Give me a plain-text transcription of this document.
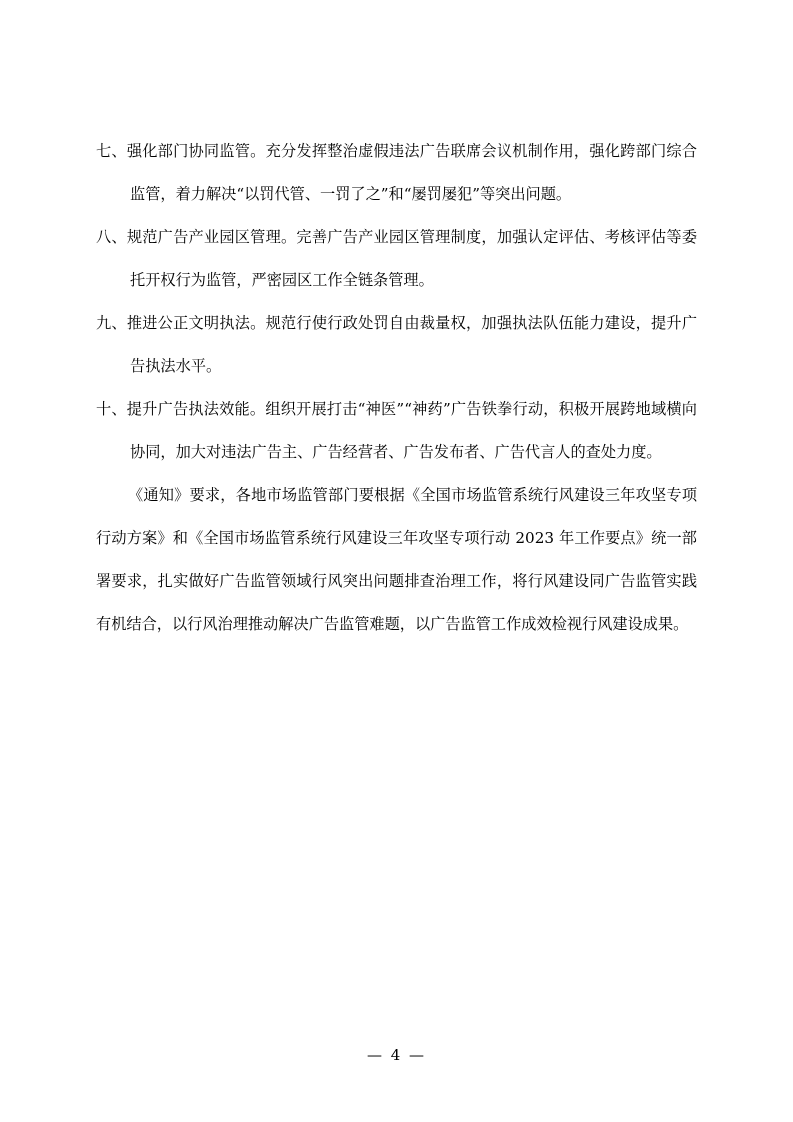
七、强化部门协同监管。充分发挥整治虚假违法广告联席会议机制作用，强化跨部门综合监管，着力解决“以罚代管、一罚了之”和“屡罚屡犯”等突出问题。

八、规范广告产业园区管理。完善广告产业园区管理制度，加强认定评估、考核评估等委托开权行为监管，严密园区工作全链条管理。

九、推进公正文明执法。规范行使行政处罚自由裁量权，加强执法队伍能力建设，提升广告执法水平。

十、提升广告执法效能。组织开展打击“神医”“神药”广告铁拳行动，积极开展跨地域横向协同，加大对违法广告主、广告经营者、广告发布者、广告代言人的查处力度。

《通知》要求，各地市场监管部门要根据《全国市场监管系统行风建设三年攻坚专项行动方案》和《全国市场监管系统行风建设三年攻坚专项行动 2023 年工作要点》统一部署要求，扎实做好广告监管领域行风突出问题排查治理工作，将行风建设同广告监管实践有机结合，以行风治理推动解决广告监管难题，以广告监管工作成效检视行风建设成果。

— 4 —
